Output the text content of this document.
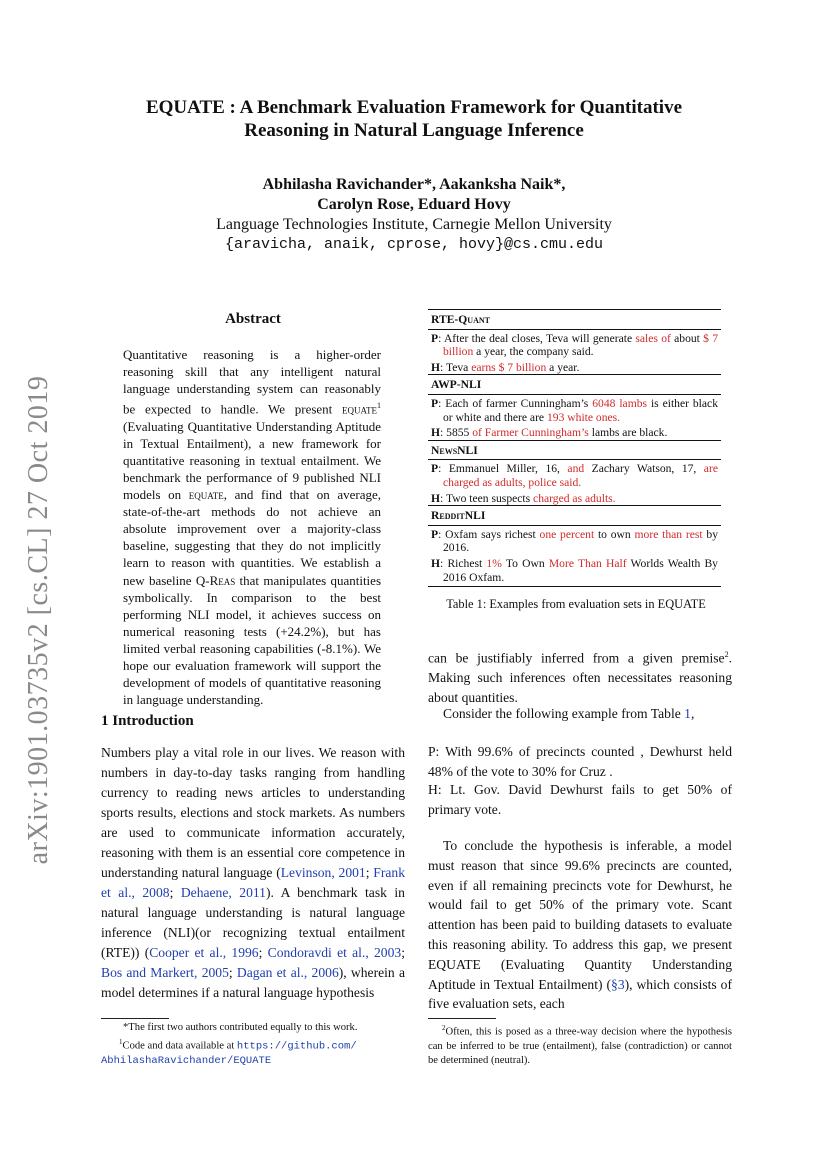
arXiv:1901.03735v2 [cs.CL] 27 Oct 2019
EQUATE : A Benchmark Evaluation Framework for Quantitative
Reasoning in Natural Language Inference
Abhilasha Ravichander*, Aakanksha Naik*,
Carolyn Rose, Eduard Hovy
Language Technologies Institute, Carnegie Mellon University
{aravicha, anaik, cprose, hovy}@cs.cmu.edu
Abstract
Quantitative reasoning is a higher-order reasoning skill that any intelligent natural language understanding system can reasonably be expected to handle. We present equate$^1$ (Evaluating Quantitative Understanding Aptitude in Textual Entailment), a new framework for quantitative reasoning in textual entailment. We benchmark the performance of 9 published NLI models on equate, and find that on average, state-of-the-art methods do not achieve an absolute improvement over a majority-class baseline, suggesting that they do not implicitly learn to reason with quantities. We establish a new baseline Q-Reas that manipulates quantities symbolically. In comparison to the best performing NLI model, it achieves success on numerical reasoning tests (+24.2%), but has limited verbal reasoning capabilities (-8.1%). We hope our evaluation framework will support the development of models of quantitative reasoning in language understanding.
1 Introduction
Numbers play a vital role in our lives. We reason with numbers in day-to-day tasks ranging from handling currency to reading news articles to understanding sports results, elections and stock markets. As numbers are used to communicate information accurately, reasoning with them is an essential core competence in understanding natural language (Levinson, 2001; Frank et al., 2008; Dehaene, 2011). A benchmark task in natural language understanding is natural language inference (NLI)(or recognizing textual entailment (RTE)) (Cooper et al., 1996; Condoravdi et al., 2003; Bos and Markert, 2005; Dagan et al., 2006), wherein a model determines if a natural language hypothesis
*The first two authors contributed equally to this work.
$^1$Code and data available at https://github.com/
AbhilashaRavichander/EQUATE
RTE-Quant

P: After the deal closes, Teva will generate sales of about $ 7 billion a year, the company said.

H: Teva earns $ 7 billion a year.

AWP-NLI

P: Each of farmer Cunningham’s 6048 lambs is either black or white and there are 193 white ones.

H: 5855 of Farmer Cunningham’s lambs are black.

NewsNLI

P: Emmanuel Miller, 16, and Zachary Watson, 17, are charged as adults, police said.

H: Two teen suspects charged as adults.

RedditNLI

P: Oxfam says richest one percent to own more than rest by 2016.

H: Richest 1% To Own More Than Half Worlds Wealth By 2016 Oxfam.
Table 1: Examples from evaluation sets in EQUATE
can be justifiably inferred from a given premise$^2$. Making such inferences often necessitates reasoning about quantities.
Consider the following example from Table 1,
P: With 99.6% of precincts counted , Dewhurst held 48% of the vote to 30% for Cruz .
H: Lt. Gov. David Dewhurst fails to get 50% of primary vote.
To conclude the hypothesis is inferable, a model must reason that since 99.6% precincts are counted, even if all remaining precincts vote for Dewhurst, he would fail to get 50% of the primary vote. Scant attention has been paid to building datasets to evaluate this reasoning ability. To address this gap, we present EQUATE (Evaluating Quantity Understanding Aptitude in Textual Entailment) (§3), which consists of five evaluation sets, each
$^2$Often, this is posed as a three-way decision where the hypothesis can be inferred to be true (entailment), false (contradiction) or cannot be determined (neutral).
